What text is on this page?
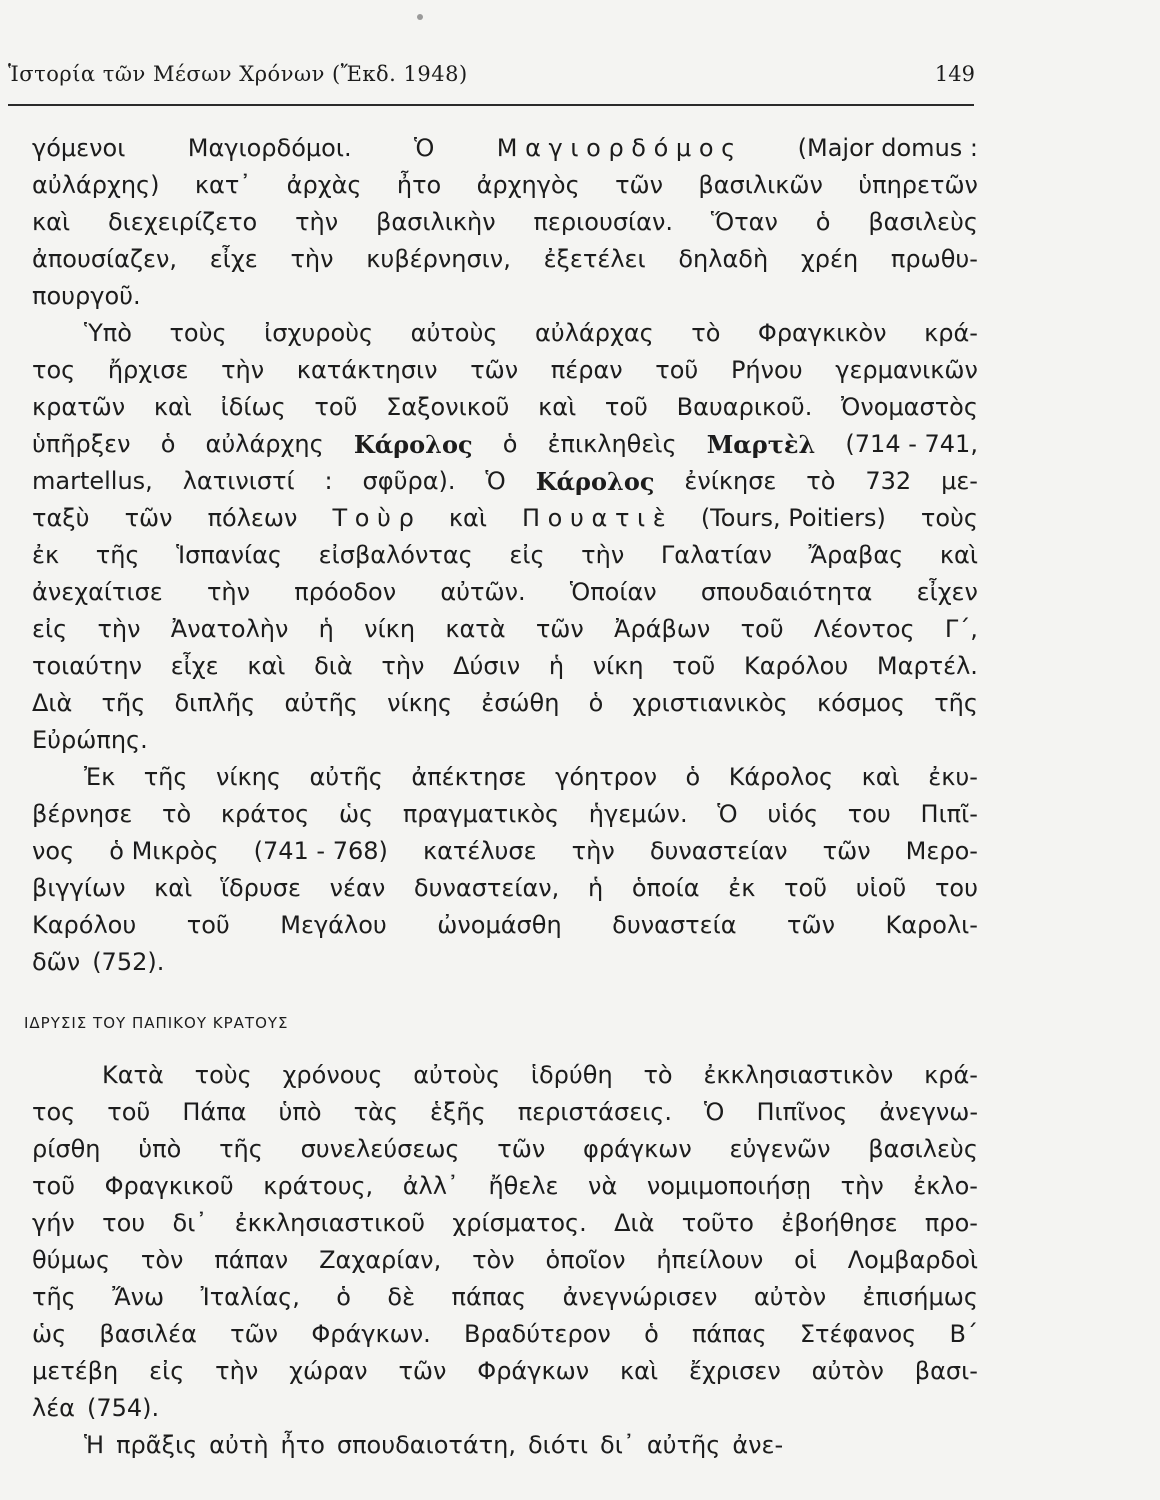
Ἱστορία τῶν Μέσων Χρόνων (Ἔκδ. 1948)	149
γόμενοι	Μαγιορδόμοι.	Ὁ	Μ α γ ι ο ρ δ ό μ ο ς	(Major domus :
αὐλάρχης) κατ᾽ ἀρχὰς ἦτο ἀρχηγὸς τῶν βασιλικῶν ὑπηρετῶν
καὶ διεχειρίζετο τὴν βασιλικὴν περιουσίαν. Ὅταν ὁ βασιλεὺς
ἀπουσίαζεν, εἶχε τὴν κυβέρνησιν, ἐξετέλει δηλαδὴ χρέη πρωθυ-
πουργοῦ.
Ὑπὸ τοὺς ἰσχυροὺς αὐτοὺς αὐλάρχας τὸ Φραγκικὸν κρά-
τος ἤρχισε τὴν κατάκτησιν τῶν πέραν τοῦ Ρήνου γερμανικῶν
κρατῶν καὶ ἰδίως τοῦ Σαξονικοῦ καὶ τοῦ Βαυαρικοῦ. Ὀνομαστὸς
ὑπῆρξεν ὁ αὐλάρχης Κάρολος ὁ ἐπικληθεὶς Μαρτὲλ (714 - 741,
martellus, λατινιστί : σφῦρα). Ὁ Κάρολος ἐνίκησε τὸ 732 με-
ταξὺ τῶν πόλεων Τ ο ὺ ρ καὶ Π ο υ α τ ι ὲ (Tours, Poitiers) τοὺς
ἐκ τῆς Ἱσπανίας εἰσβαλόντας εἰς τὴν Γαλατίαν Ἄραβας καὶ
ἀνεχαίτισε τὴν πρόοδον αὐτῶν. Ὁποίαν σπουδαιότητα εἶχεν
εἰς τὴν Ἀνατολὴν ἡ νίκη κατὰ τῶν Ἀράβων τοῦ Λέοντος Γ΄,
τοιαύτην εἶχε καὶ διὰ τὴν Δύσιν ἡ νίκη τοῦ Καρόλου Μαρτέλ.
Διὰ τῆς διπλῆς αὐτῆς νίκης ἐσώθη ὁ χριστιανικὸς κόσμος τῆς
Εὐρώπης.
Ἐκ τῆς νίκης αὐτῆς ἀπέκτησε γόητρον ὁ Κάρολος καὶ ἐκυ-
βέρνησε τὸ κράτος ὡς πραγματικὸς ἡγεμών. Ὁ υἱός του Πιπῖ-
νος ὁ Μικρὸς (741 - 768) κατέλυσε τὴν δυναστείαν τῶν Μερο-
βιγγίων καὶ ἵδρυσε νέαν δυναστείαν, ἡ ὁποία ἐκ τοῦ υἱοῦ του
Καρόλου τοῦ Μεγάλου ὠνομάσθη δυναστεία τῶν Καρολι-
δῶν (752).
ΙΔΡΥΣΙΣ ΤΟΥ ΠΑΠΙΚΟΥ ΚΡΑΤΟΥΣ
Κατὰ τοὺς χρόνους αὐτοὺς ἱδρύθη τὸ ἐκκλησιαστικὸν κρά-
τος τοῦ Πάπα ὑπὸ τὰς ἑξῆς περιστάσεις. Ὁ Πιπῖνος ἀνεγνω-
ρίσθη ὑπὸ τῆς συνελεύσεως τῶν φράγκων εὐγενῶν βασιλεὺς
τοῦ Φραγκικοῦ κράτους, ἀλλ᾽ ἤθελε νὰ νομιμοποιήσῃ τὴν ἐκλο-
γήν του δι᾽ ἐκκλησιαστικοῦ χρίσματος. Διὰ τοῦτο ἐβοήθησε προ-
θύμως τὸν πάπαν Ζαχαρίαν, τὸν ὁποῖον ἠπείλουν οἱ Λομβαρδοὶ
τῆς Ἄνω Ἰταλίας, ὁ δὲ πάπας ἀνεγνώρισεν αὐτὸν ἐπισήμως
ὡς βασιλέα τῶν Φράγκων. Βραδύτερον ὁ πάπας Στέφανος Β΄
μετέβη εἰς τὴν χώραν τῶν Φράγκων καὶ ἔχρισεν αὐτὸν βασι-
λέα (754).
Ἡ πρᾶξις αὐτὴ ἦτο σπουδαιοτάτη, διότι δι᾽ αὐτῆς ἀνε-
